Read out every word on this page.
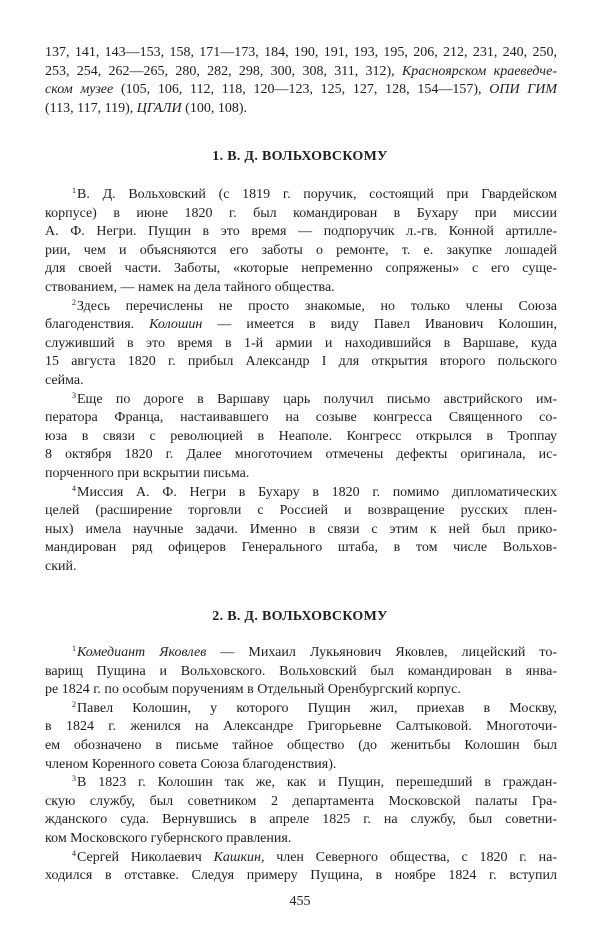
137, 141, 143—153, 158, 171—173, 184, 190, 191, 193, 195, 206, 212, 231, 240, 250,
253, 254, 262—265, 280, 282, 298, 300, 308, 311, 312), Красноярском краеведче-
ском музее (105, 106, 112, 118, 120—123, 125, 127, 128, 154—157), ОПИ ГИМ
(113, 117, 119), ЦГАЛИ (100, 108).
1. В. Д. ВОЛЬХОВСКОМУ
$^1$В. Д. Вольховский (с 1819 г. поручик, состоящий при Гвардейском
корпусе) в июне 1820 г. был командирован в Бухару при миссии
А. Ф. Негри. Пущин в это время — подпоручик л.-гв. Конной артилле-
рии, чем и объясняются его заботы о ремонте, т. е. закупке лошадей
для своей части. Заботы, «которые непременно сопряжены» с его суще-
ствованием, — намек на дела тайного общества.
$^2$Здесь перечислены не просто знакомые, но только члены Союза
благоденствия. Колошин — имеется в виду Павел Иванович Колошин,
служивший в это время в 1-й армии и находившийся в Варшаве, куда
15 августа 1820 г. прибыл Александр I для открытия второго польского
сейма.
$^3$Еще по дороге в Варшаву царь получил письмо австрийского им-
ператора Франца, настаивавшего на созыве конгресса Священного со-
юза в связи с революцией в Неаполе. Конгресс открылся в Троппау
8 октября 1820 г. Далее многоточием отмечены дефекты оригинала, ис-
порченного при вскрытии письма.
$^4$Миссия А. Ф. Негри в Бухару в 1820 г. помимо дипломатических
целей (расширение торговли с Россией и возвращение русских плен-
ных) имела научные задачи. Именно в связи с этим к ней был прико-
мандирован ряд офицеров Генерального штаба, в том числе Вольхов-
ский.
2. В. Д. ВОЛЬХОВСКОМУ
$^1$Комедиант Яковлев — Михаил Лукьянович Яковлев, лицейский то-
варищ Пущина и Вольховского. Вольховский был командирован в янва-
ре 1824 г. по особым поручениям в Отдельный Оренбургский корпус.
$^2$Павел Колошин, у которого Пущин жил, приехав в Москву,
в 1824 г. женился на Александре Григорьевне Салтыковой. Многоточи-
ем обозначено в письме тайное общество (до женитьбы Колошин был
членом Коренного совета Союза благоденствия).
$^3$В 1823 г. Колошин так же, как и Пущин, перешедший в граждан-
скую службу, был советником 2 департамента Московской палаты Гра-
жданского суда. Вернувшись в апреле 1825 г. на службу, был советни-
ком Московского губернского правления.
$^4$Сергей Николаевич Кашкин, член Северного общества, с 1820 г. на-
ходился в отставке. Следуя примеру Пущина, в ноябре 1824 г. вступил
455
